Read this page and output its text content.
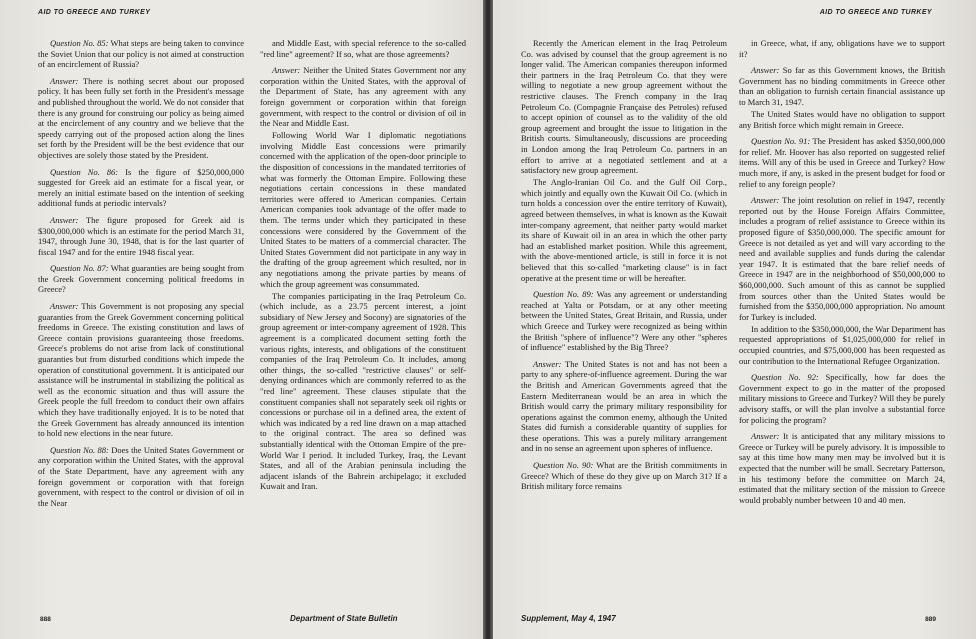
AID TO GREECE AND TURKEY

Question No. 85: What steps are being taken to convince the Soviet Union that our policy is not aimed at construction of an encirclement of Russia?

Answer: There is nothing secret about our proposed policy. It has been fully set forth in the President's message and published throughout the world. We do not consider that there is any ground for construing our policy as being aimed at the encirclement of any country and we believe that the speedy carrying out of the proposed action along the lines set forth by the President will be the best evidence that our objectives are solely those stated by the President.

Question No. 86: Is the figure of $250,000,000 suggested for Greek aid an estimate for a fiscal year, or merely an initial estimate based on the intention of seeking additional funds at periodic intervals?

Answer: The figure proposed for Greek aid is $300,000,000 which is an estimate for the period March 31, 1947, through June 30, 1948, that is for the last quarter of fiscal 1947 and for the entire 1948 fiscal year.

Question No. 87: What guaranties are being sought from the Greek Government concerning political freedoms in Greece?

Answer: This Government is not proposing any special guaranties from the Greek Government concerning political freedoms in Greece. The existing constitution and laws of Greece contain provisions guaranteeing those freedoms. Greece's problems do not arise from lack of constitutional guaranties but from disturbed conditions which impede the operation of constitutional government. It is anticipated our assistance will be instrumental in stabilizing the political as well as the economic situation and thus will assure the Greek people the full freedom to conduct their own affairs which they have traditionally enjoyed. It is to be noted that the Greek Government has already announced its intention to hold new elections in the near future.

Question No. 88: Does the United States Government or any corporation within the United States, with the approval of the State Department, have any agreement with any foreign government or corporation with that foreign government, with respect to the control or division of oil in the Near

and Middle East, with special reference to the so-called "red line" agreement? If so, what are those agreements?

Answer: Neither the United States Government nor any corporation within the United States, with the approval of the Department of State, has any agreement with any foreign government or corporation within that foreign government, with respect to the control or division of oil in the Near and Middle East.

Following World War I diplomatic negotiations involving Middle East concessions were primarily concerned with the application of the open-door principle to the disposition of concessions in the mandated territories of what was formerly the Ottoman Empire. Following these negotiations certain concessions in these mandated territories were offered to American companies. Certain American companies took advantage of the offer made to them. The terms under which they participated in these concessions were considered by the Government of the United States to be matters of a commercial character. The United States Government did not participate in any way in the drafting of the group agreement which resulted, nor in any negotiations among the private parties by means of which the group agreement was consummated.

The companies participating in the Iraq Petroleum Co. (which include, as a 23.75 percent interest, a joint subsidiary of New Jersey and Socony) are signatories of the group agreement or inter-company agreement of 1928. This agreement is a complicated document setting forth the various rights, interests, and obligations of the constituent companies of the Iraq Petroleum Co. It includes, among other things, the so-called "restrictive clauses" or self-denying ordinances which are commonly referred to as the "red line" agreement. These clauses stipulate that the constituent companies shall not separately seek oil rights or concessions or purchase oil in a defined area, the extent of which was indicated by a red line drawn on a map attached to the original contract. The area so defined was substantially identical with the Ottoman Empire of the pre-World War I period. It included Turkey, Iraq, the Levant States, and all of the Arabian peninsula including the adjacent islands of the Bahrein archipelago; it excluded Kuwait and Iran.

888	Department of State Bulletin
AID TO GREECE AND TURKEY

Recently the American element in the Iraq Petroleum Co. was advised by counsel that the group agreement is no longer valid. The American companies thereupon informed their partners in the Iraq Petroleum Co. that they were willing to negotiate a new group agreement without the restrictive clauses. The French company in the Iraq Petroleum Co. (Compagnie Française des Petroles) refused to accept opinion of counsel as to the validity of the old group agreement and brought the issue to litigation in the British courts. Simultaneously, discussions are proceeding in London among the Iraq Petroleum Co. partners in an effort to arrive at a negotiated settlement and at a satisfactory new group agreement.

The Anglo-Iranian Oil Co. and the Gulf Oil Corp., which jointly and equally own the Kuwait Oil Co. (which in turn holds a concession over the entire territory of Kuwait), agreed between themselves, in what is known as the Kuwait inter-company agreement, that neither party would market its share of Kuwait oil in an area in which the other party had an established market position. While this agreement, with the above-mentioned article, is still in force it is not believed that this so-called "marketing clause" is in fact operative at the present time or will be hereafter.

Question No. 89: Was any agreement or understanding reached at Yalta or Potsdam, or at any other meeting between the United States, Great Britain, and Russia, under which Greece and Turkey were recognized as being within the British "sphere of influence"? Were any other "spheres of influence" established by the Big Three?

Answer: The United States is not and has not been a party to any sphere-of-influence agreement. During the war the British and American Governments agreed that the Eastern Mediterranean would be an area in which the British would carry the primary military responsibility for operations against the common enemy, although the United States did furnish a considerable quantity of supplies for these operations. This was a purely military arrangement and in no sense an agreement upon spheres of influence.

Question No. 90: What are the British commitments in Greece? Which of these do they give up on March 31? If a British military force remains

in Greece, what, if any, obligations have we to support it?

Answer: So far as this Government knows, the British Government has no binding commitments in Greece other than an obligation to furnish certain financial assistance up to March 31, 1947.

The United States would have no obligation to support any British force which might remain in Greece.

Question No. 91: The President has asked $350,000,000 for relief. Mr. Hoover has also reported on suggested relief items. Will any of this be used in Greece and Turkey? How much more, if any, is asked in the present budget for food or relief to any foreign people?

Answer: The joint resolution on relief in 1947, recently reported out by the House Foreign Affairs Committee, includes a program of relief assistance to Greece within its proposed figure of $350,000,000. The specific amount for Greece is not detailed as yet and will vary according to the need and available supplies and funds during the calendar year 1947. It is estimated that the bare relief needs of Greece in 1947 are in the neighborhood of $50,000,000 to $60,000,000. Such amount of this as cannot be supplied from sources other than the United States would be furnished from the $350,000,000 appropriation. No amount for Turkey is included.

In addition to the $350,000,000, the War Department has requested appropriations of $1,025,000,000 for relief in occupied countries, and $75,000,000 has been requested as our contribution to the International Refugee Organization.

Question No. 92: Specifically, how far does the Government expect to go in the matter of the proposed military missions to Greece and Turkey? Will they be purely advisory staffs, or will the plan involve a substantial force for policing the program?

Answer: It is anticipated that any military missions to Greece or Turkey will be purely advisory. It is impossible to say at this time how many men may be involved but it is expected that the number will be small. Secretary Patterson, in his testimony before the committee on March 24, estimated that the military section of the mission to Greece would probably number between 10 and 40 men.

Supplement, May 4, 1947	889
